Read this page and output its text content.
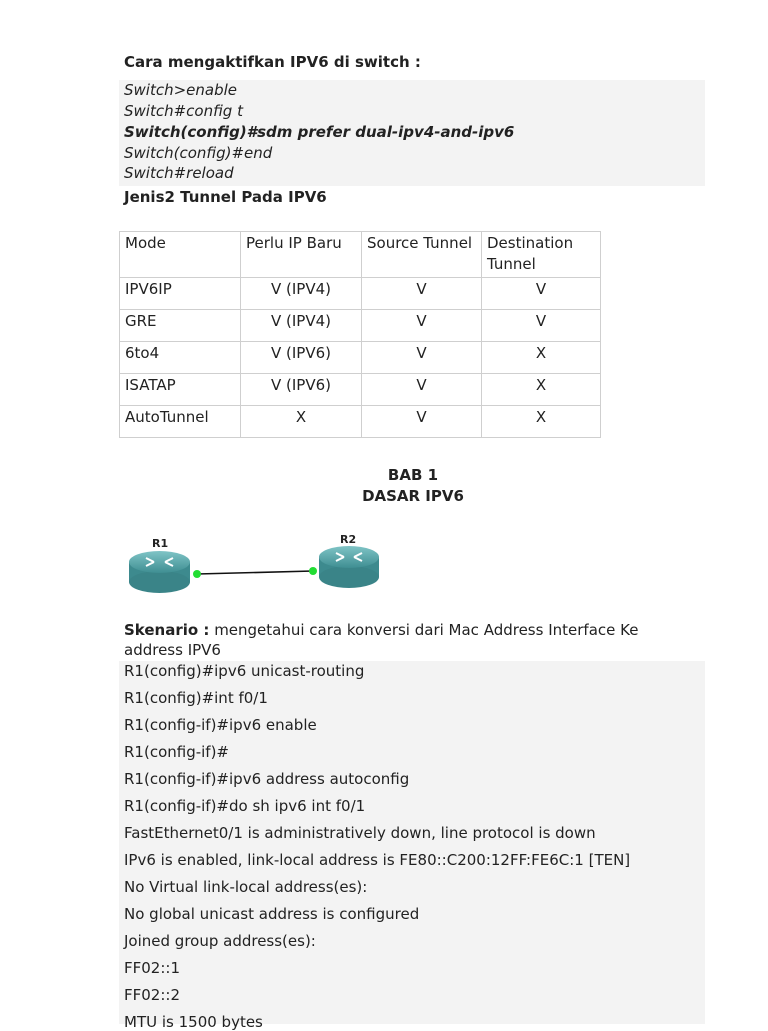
Cara mengaktifkan IPV6 di switch :
Switch>enable
Switch#config t
Switch(config)#sdm prefer dual-ipv4-and-ipv6
Switch(config)#end
Switch#reload
Jenis2 Tunnel Pada IPV6
Mode	Perlu IP Baru	Source Tunnel	Destination Tunnel
IPV6IP	V (IPV4)	V	V
GRE	V (IPV4)	V	V
6to4	V (IPV6)	V	X
ISATAP	V (IPV6)	V	X
AutoTunnel	X	V	X
BAB 1
DASAR IPV6
R1	R2
Skenario : mengetahui cara konversi dari Mac Address Interface Ke address IPV6
R1(config)#ipv6 unicast-routing
R1(config)#int f0/1
R1(config-if)#ipv6 enable
R1(config-if)#
R1(config-if)#ipv6 address autoconfig
R1(config-if)#do sh ipv6 int f0/1
FastEthernet0/1 is administratively down, line protocol is down
IPv6 is enabled, link-local address is FE80::C200:12FF:FE6C:1 [TEN]
No Virtual link-local address(es):
No global unicast address is configured
Joined group address(es):
FF02::1
FF02::2
MTU is 1500 bytes
